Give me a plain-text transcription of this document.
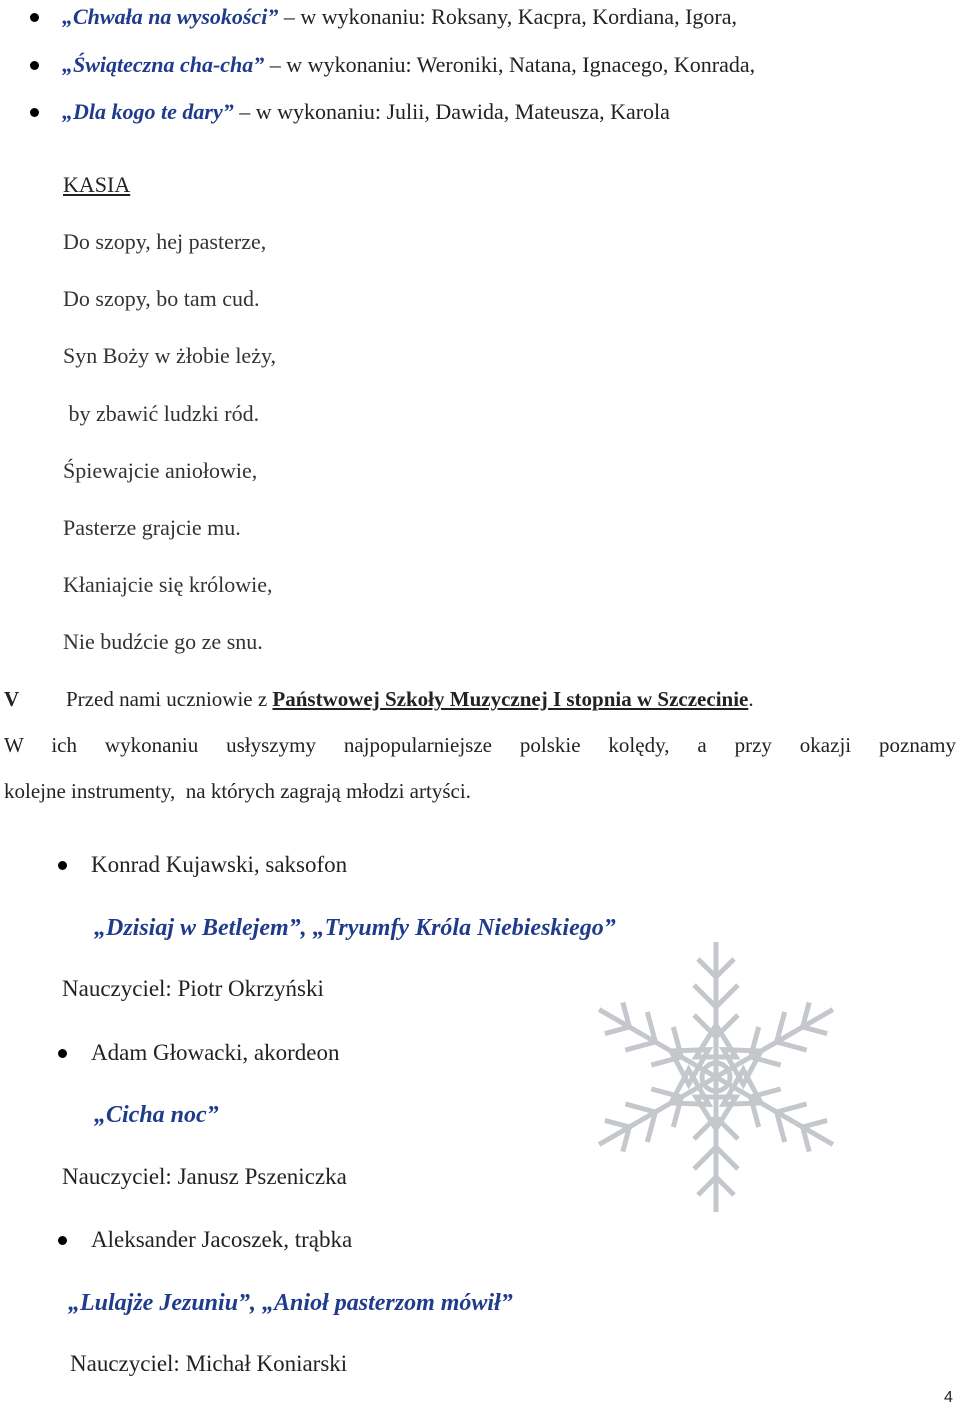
„Chwała na wysokości” – w wykonaniu: Roksany, Kacpra, Kordiana, Igora,
„Świąteczna cha-cha” – w wykonaniu: Weroniki, Natana, Ignacego, Konrada,
„Dla kogo te dary” – w wykonaniu: Julii, Dawida, Mateusza, Karola
KASIA
Do szopy, hej pasterze,
Do szopy, bo tam cud.
Syn Boży w żłobie leży,
by zbawić ludzki ród.
Śpiewajcie aniołowie,
Pasterze grajcie mu.
Kłaniajcie się królowie,
Nie budźcie go ze snu.
V Przed nami uczniowie z Państwowej Szkoły Muzycznej I stopnia w Szczecinie.
W ich wykonaniu usłyszymy najpopularniejsze polskie kolędy, a przy okazji poznamy
kolejne instrumenty,  na których zagrają młodzi artyści.
Konrad Kujawski, saksofon
„Dzisiaj w Betlejem”, „Tryumfy Króla Niebieskiego”
Nauczyciel: Piotr Okrzyński
Adam Głowacki, akordeon
„Cicha noc”
Nauczyciel: Janusz Pszeniczka
Aleksander Jacoszek, trąbka
„Lulajże Jezuniu”, „Anioł pasterzom mówił”
Nauczyciel: Michał Koniarski
4
